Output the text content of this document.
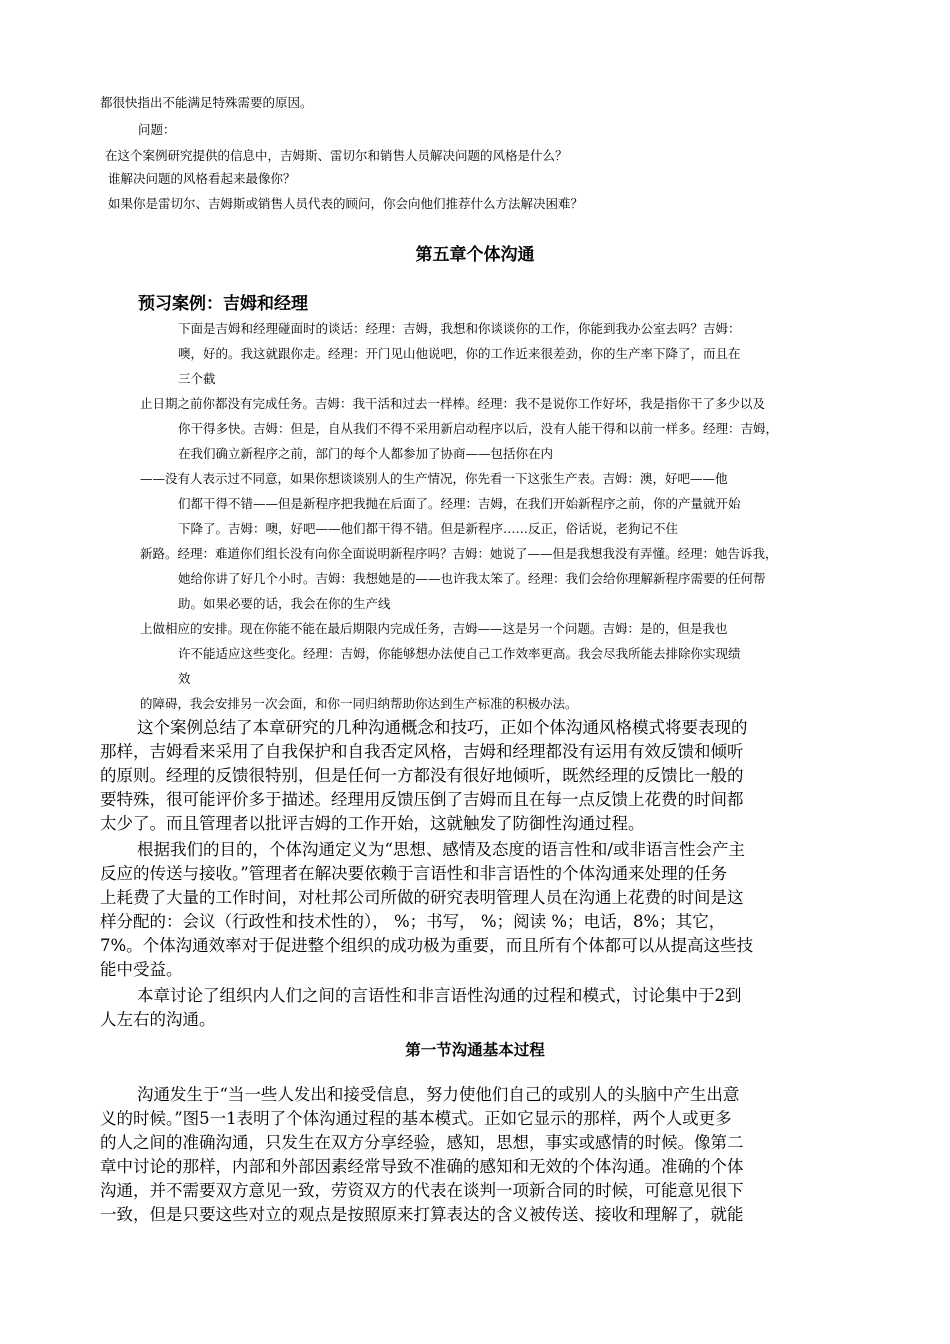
都很快指出不能满足特殊需要的原因。

问题：

在这个案例研究提供的信息中，吉姆斯、雷切尔和销售人员解决问题的风格是什么？

谁解决问题的风格看起来最像你？

如果你是雷切尔、吉姆斯或销售人员代表的顾问，你会向他们推荐什么方法解决困难？

第五章个体沟通
预习案例：吉姆和经理

下面是吉姆和经理碰面时的谈话：经理：吉姆，我想和你谈谈你的工作，你能到我办公室去吗？吉姆：

噢，好的。我这就跟你走。经理：开门见山他说吧，你的工作近来很差劲，你的生产率下降了，而且在

三个截

止日期之前你都没有完成任务。吉姆：我干活和过去一样棒。经理：我不是说你工作好坏，我是指你干了多少以及

你干得多快。吉姆：但是，自从我们不得不采用新启动程序以后，没有人能干得和以前一样多。经理：吉姆，

在我们确立新程序之前，部门的每个人都参加了协商——包括你在内

——没有人表示过不同意，如果你想谈谈别人的生产情况，你先看一下这张生产表。吉姆：澳，好吧——他

们都干得不错——但是新程序把我抛在后面了。经理：吉姆，在我们开始新程序之前，你的产量就开始

下降了。吉姆：噢，好吧——他们都干得不错。但是新程序……反正，俗话说，老狗记不住

新路。经理：难道你们组长没有向你全面说明新程序吗？吉姆：她说了——但是我想我没有弄懂。经理：她告诉我，

她给你讲了好几个小时。吉姆：我想她是的——也许我太笨了。经理：我们会给你理解新程序需要的任何帮

助。如果必要的话，我会在你的生产线

上做相应的安排。现在你能不能在最后期限内完成任务，吉姆——这是另一个问题。吉姆：是的，但是我也

许不能适应这些变化。经理：吉姆，你能够想办法使自己工作效率更高。我会尽我所能去排除你实现绩

效

的障碍，我会安排另一次会面，和你一同归纳帮助你达到生产标准的积极办法。

这个案例总结了本章研究的几种沟通概念和技巧，正如个体沟通风格模式将要表现的

那样，吉姆看来采用了自我保护和自我否定风格，吉姆和经理都没有运用有效反馈和倾听

的原则。经理的反馈很特别，但是任何一方都没有很好地倾听，既然经理的反馈比一般的

要特殊，很可能评价多于描述。经理用反馈压倒了吉姆而且在每一点反馈上花费的时间都

太少了。而且管理者以批评吉姆的工作开始，这就触发了防御性沟通过程。

根据我们的目的，个体沟通定义为“思想、感情及态度的语言性和/或非语言性会产主

反应的传送与接收。”管理者在解决要依赖于言语性和非言语性的个体沟通来处理的任务

上耗费了大量的工作时间，对杜邦公司所做的研究表明管理人员在沟通上花费的时间是这

样分配的：会议（行政性和技术性的）， %；书写， %；阅读 %；电话，8%；其它，

7%。个体沟通效率对于促进整个组织的成功极为重要，而且所有个体都可以从提高这些技

能中受益。

本章讨论了组织内人们之间的言语性和非言语性沟通的过程和模式，讨论集中于2到

人左右的沟通。

第一节沟通基本过程

沟通发生于“当一些人发出和接受信息，努力使他们自己的或别人的头脑中产生出意

义的时候。”图5一1表明了个体沟通过程的基本模式。正如它显示的那样，两个人或更多

的人之间的准确沟通，只发生在双方分享经验，感知，思想，事实或感情的时候。像第二

章中讨论的那样，内部和外部因素经常导致不准确的感知和无效的个体沟通。准确的个体

沟通，并不需要双方意见一致，劳资双方的代表在谈判一项新合同的时候，可能意见很下

一致，但是只要这些对立的观点是按照原来打算表达的含义被传送、接收和理解了，就能
